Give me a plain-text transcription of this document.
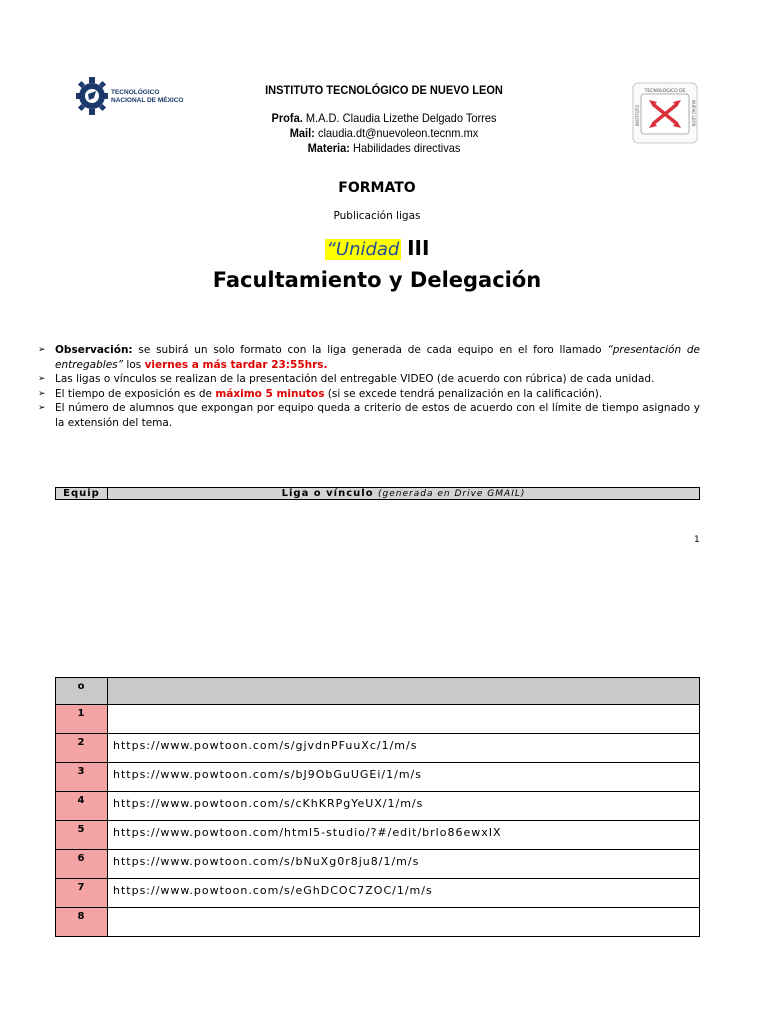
TECNOLÓGICO
NACIONAL DE MÉXICO
INSTITUTO TECNOLÓGICO DE NUEVO LEON
Profa. M.A.D. Claudia Lizethe Delgado Torres
Mail: claudia.dt@nuevoleon.tecnm.mx
Materia: Habilidades directivas
TECNOLÓGICO DE
INSTITUTO	NUEVO LEÓN
FORMATO
Publicación ligas
“Unidad III
Facultamiento y Delegación
➢ Observación: se subirá un solo formato con la liga generada de cada equipo en el foro llamado “presentación de entregables” los viernes a más tardar 23:55hrs.
➢ Las ligas o vínculos se realizan de la presentación del entregable VIDEO (de acuerdo con rúbrica) de cada unidad.
➢ El tiempo de exposición es de máximo 5 minutos (si se excede tendrá penalización en la calificación).
➢ El número de alumnos que expongan por equipo queda a criterio de estos de acuerdo con el límite de tiempo asignado y la extensión del tema.
Equip	Liga o vínculo (generada en Drive GMAIL)
1
o	
1	
2	https://www.powtoon.com/s/gjvdnPFuuXc/1/m/s
3	https://www.powtoon.com/s/bJ9ObGuUGEi/1/m/s
4	https://www.powtoon.com/s/cKhKRPgYeUX/1/m/s
5	https://www.powtoon.com/html5-studio/?#/edit/brlo86ewxIX
6	https://www.powtoon.com/s/bNuXg0r8ju8/1/m/s
7	https://www.powtoon.com/s/eGhDCOC7ZOC/1/m/s
8	
